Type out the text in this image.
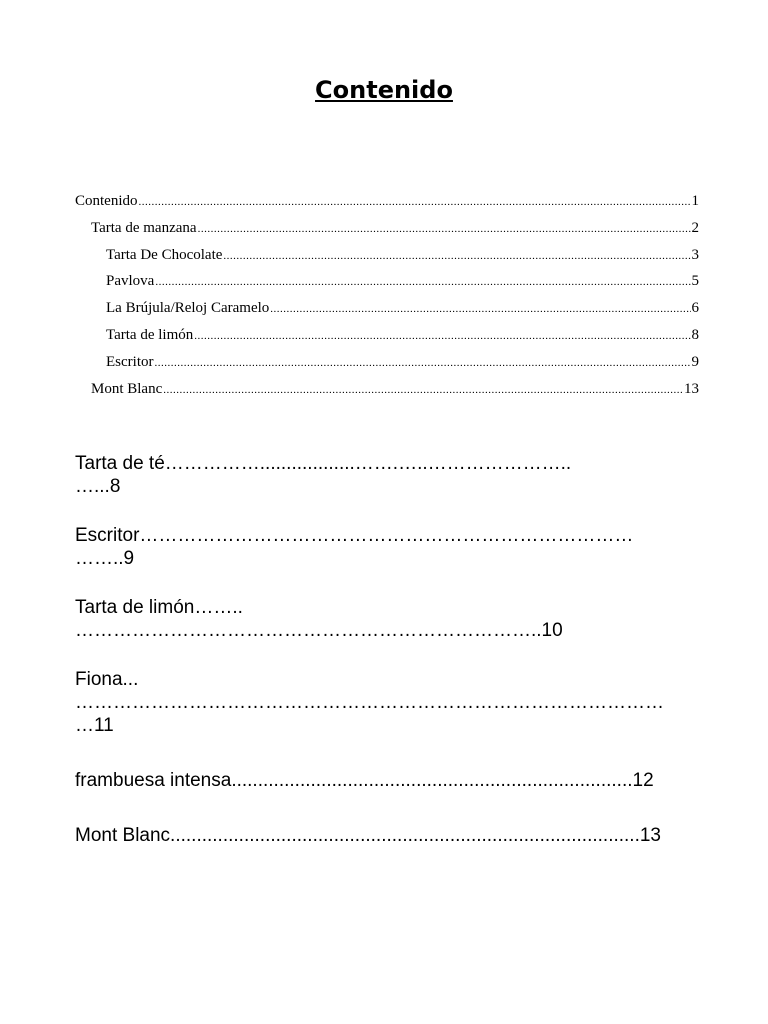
Contenido
Contenido .....	1
Tarta de manzana .....	2
Tarta De Chocolate .....	3
Pavlova .....	5
La Brújula/Reloj Caramelo .....	6
Tarta de limón .....	8
Escritor .....	9
Mont Blanc .....	13

Tarta de té……………..................…….…..…………………..
…...8

Escritor……………………………………………………………………
……..9

Tarta de limón……..
………………………………………………………………..10

Fiona...
…………………………………………………………………………………
…11

frambuesa intensa............................................................................12

Mont Blanc.........................................................................................13
